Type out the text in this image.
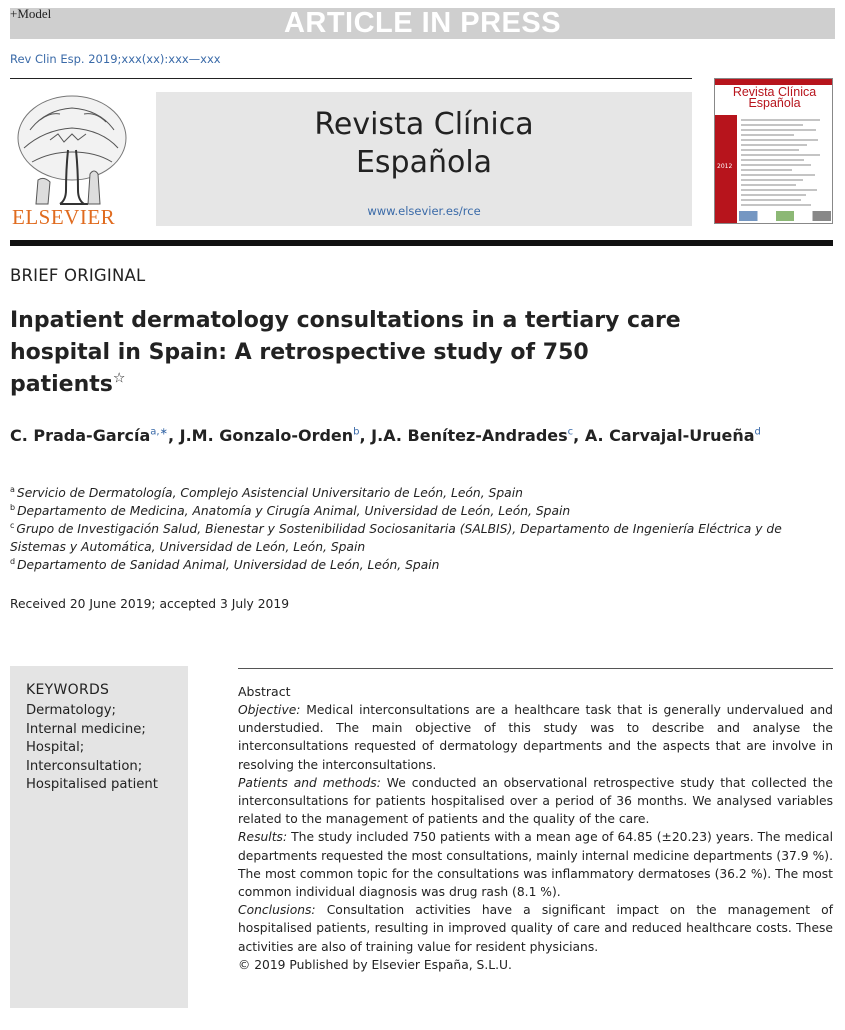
ARTICLE IN PRESS
+Model
Rev Clin Esp. 2019;xxx(xx):xxx—xxx
ELSEVIER
Revista Clínica
Española
www.elsevier.es/rce
Revista Clínica
Española
2012
BRIEF ORIGINAL
Inpatient dermatology consultations in a tertiary care hospital in Spain: A retrospective study of 750 patients☆
C. Prada-García$^{a,∗}$, J.M. Gonzalo-Orden$^b$, J.A. Benítez-Andrades$^c$, A. Carvajal-Urueña$^d$
$^a$ Servicio de Dermatología, Complejo Asistencial Universitario de León, León, Spain
$^b$ Departamento de Medicina, Anatomía y Cirugía Animal, Universidad de León, León, Spain
$^c$ Grupo de Investigación Salud, Bienestar y Sostenibilidad Sociosanitaria (SALBIS), Departamento de Ingeniería Eléctrica y de Sistemas y Automática, Universidad de León, León, Spain
$^d$ Departamento de Sanidad Animal, Universidad de León, León, Spain
Received 20 June 2019; accepted 3 July 2019
KEYWORDS
Dermatology;
Internal medicine;
Hospital;
Interconsultation;
Hospitalised patient
Abstract

Objective: Medical interconsultations are a healthcare task that is generally undervalued and understudied. The main objective of this study was to describe and analyse the interconsultations requested of dermatology departments and the aspects that are involve in resolving the interconsultations.

Patients and methods: We conducted an observational retrospective study that collected the interconsultations for patients hospitalised over a period of 36 months. We analysed variables related to the management of patients and the quality of the care.

Results: The study included 750 patients with a mean age of 64.85 (±20.23) years. The medical departments requested the most consultations, mainly internal medicine departments (37.9 %). The most common topic for the consultations was inflammatory dermatoses (36.2 %). The most common individual diagnosis was drug rash (8.1 %).

Conclusions: Consultation activities have a significant impact on the management of hospitalised patients, resulting in improved quality of care and reduced healthcare costs. These activities are also of training value for resident physicians.

© 2019 Published by Elsevier España, S.L.U.
